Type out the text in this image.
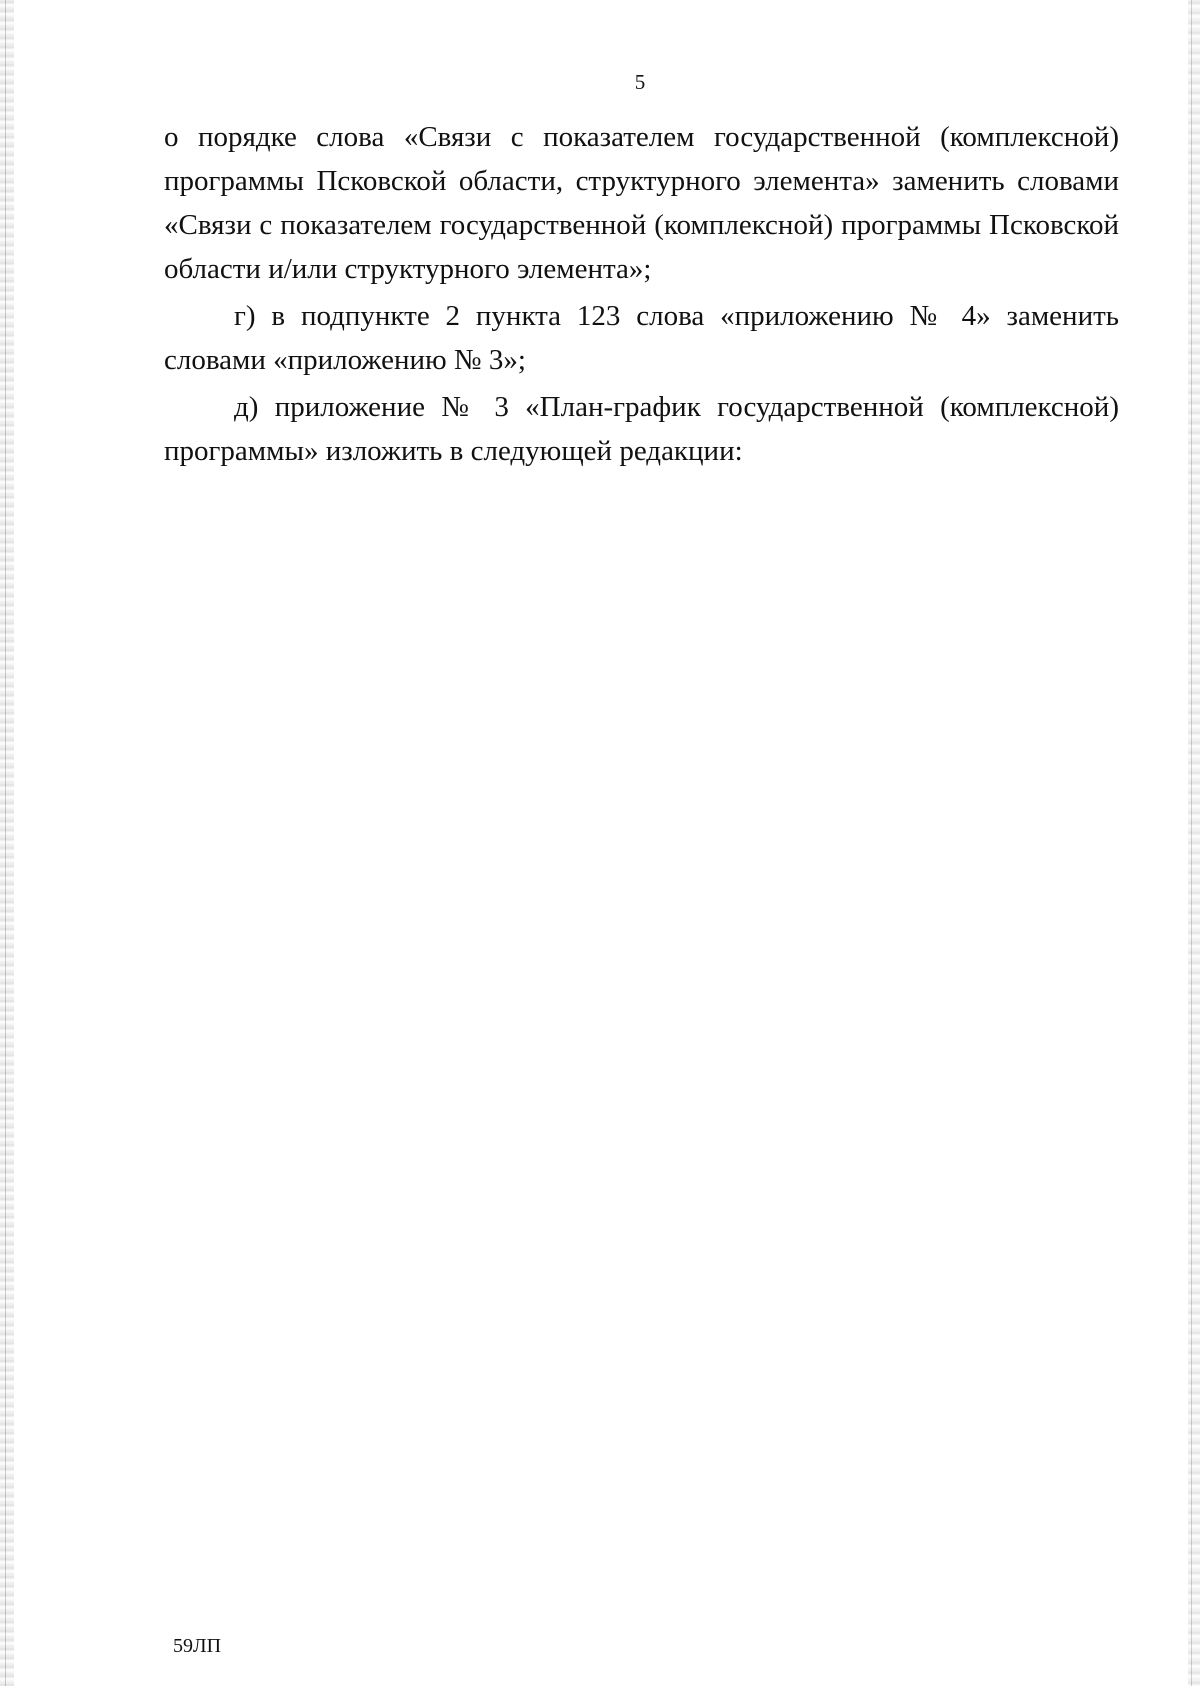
5

о порядке слова «Связи с показателем государственной (комплексной) программы Псковской области, структурного элемента» заменить словами «Связи с показателем государственной (комплексной) программы Псковской области и/или структурного элемента»;

г) в подпункте 2 пункта 123 слова «приложению № 4» заменить словами «приложению № 3»;

д) приложение № 3 «План-график государственной (комплексной) программы» изложить в следующей редакции:

59ЛП
